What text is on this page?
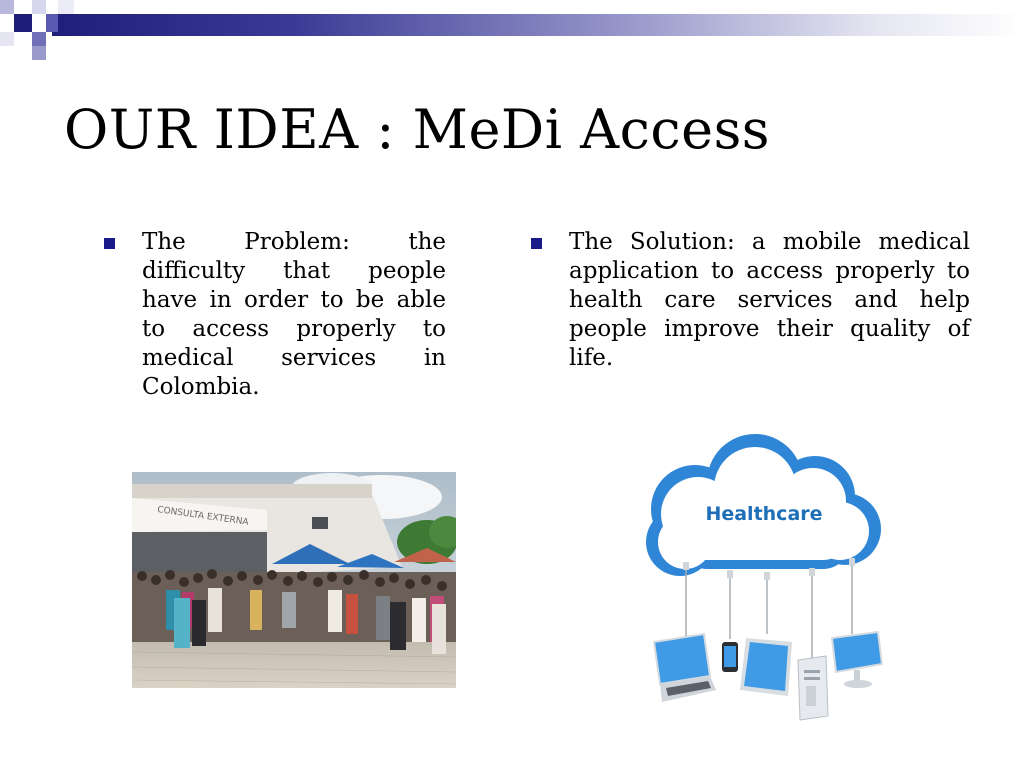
OUR IDEA : MeDi Access
The Problem: the difficulty that people have in order to be able to access properly to medical services in Colombia.
The Solution: a mobile medical application to access properly to health care services and help people improve their quality of life.
CONSULTA EXTERNA	Healthcare
